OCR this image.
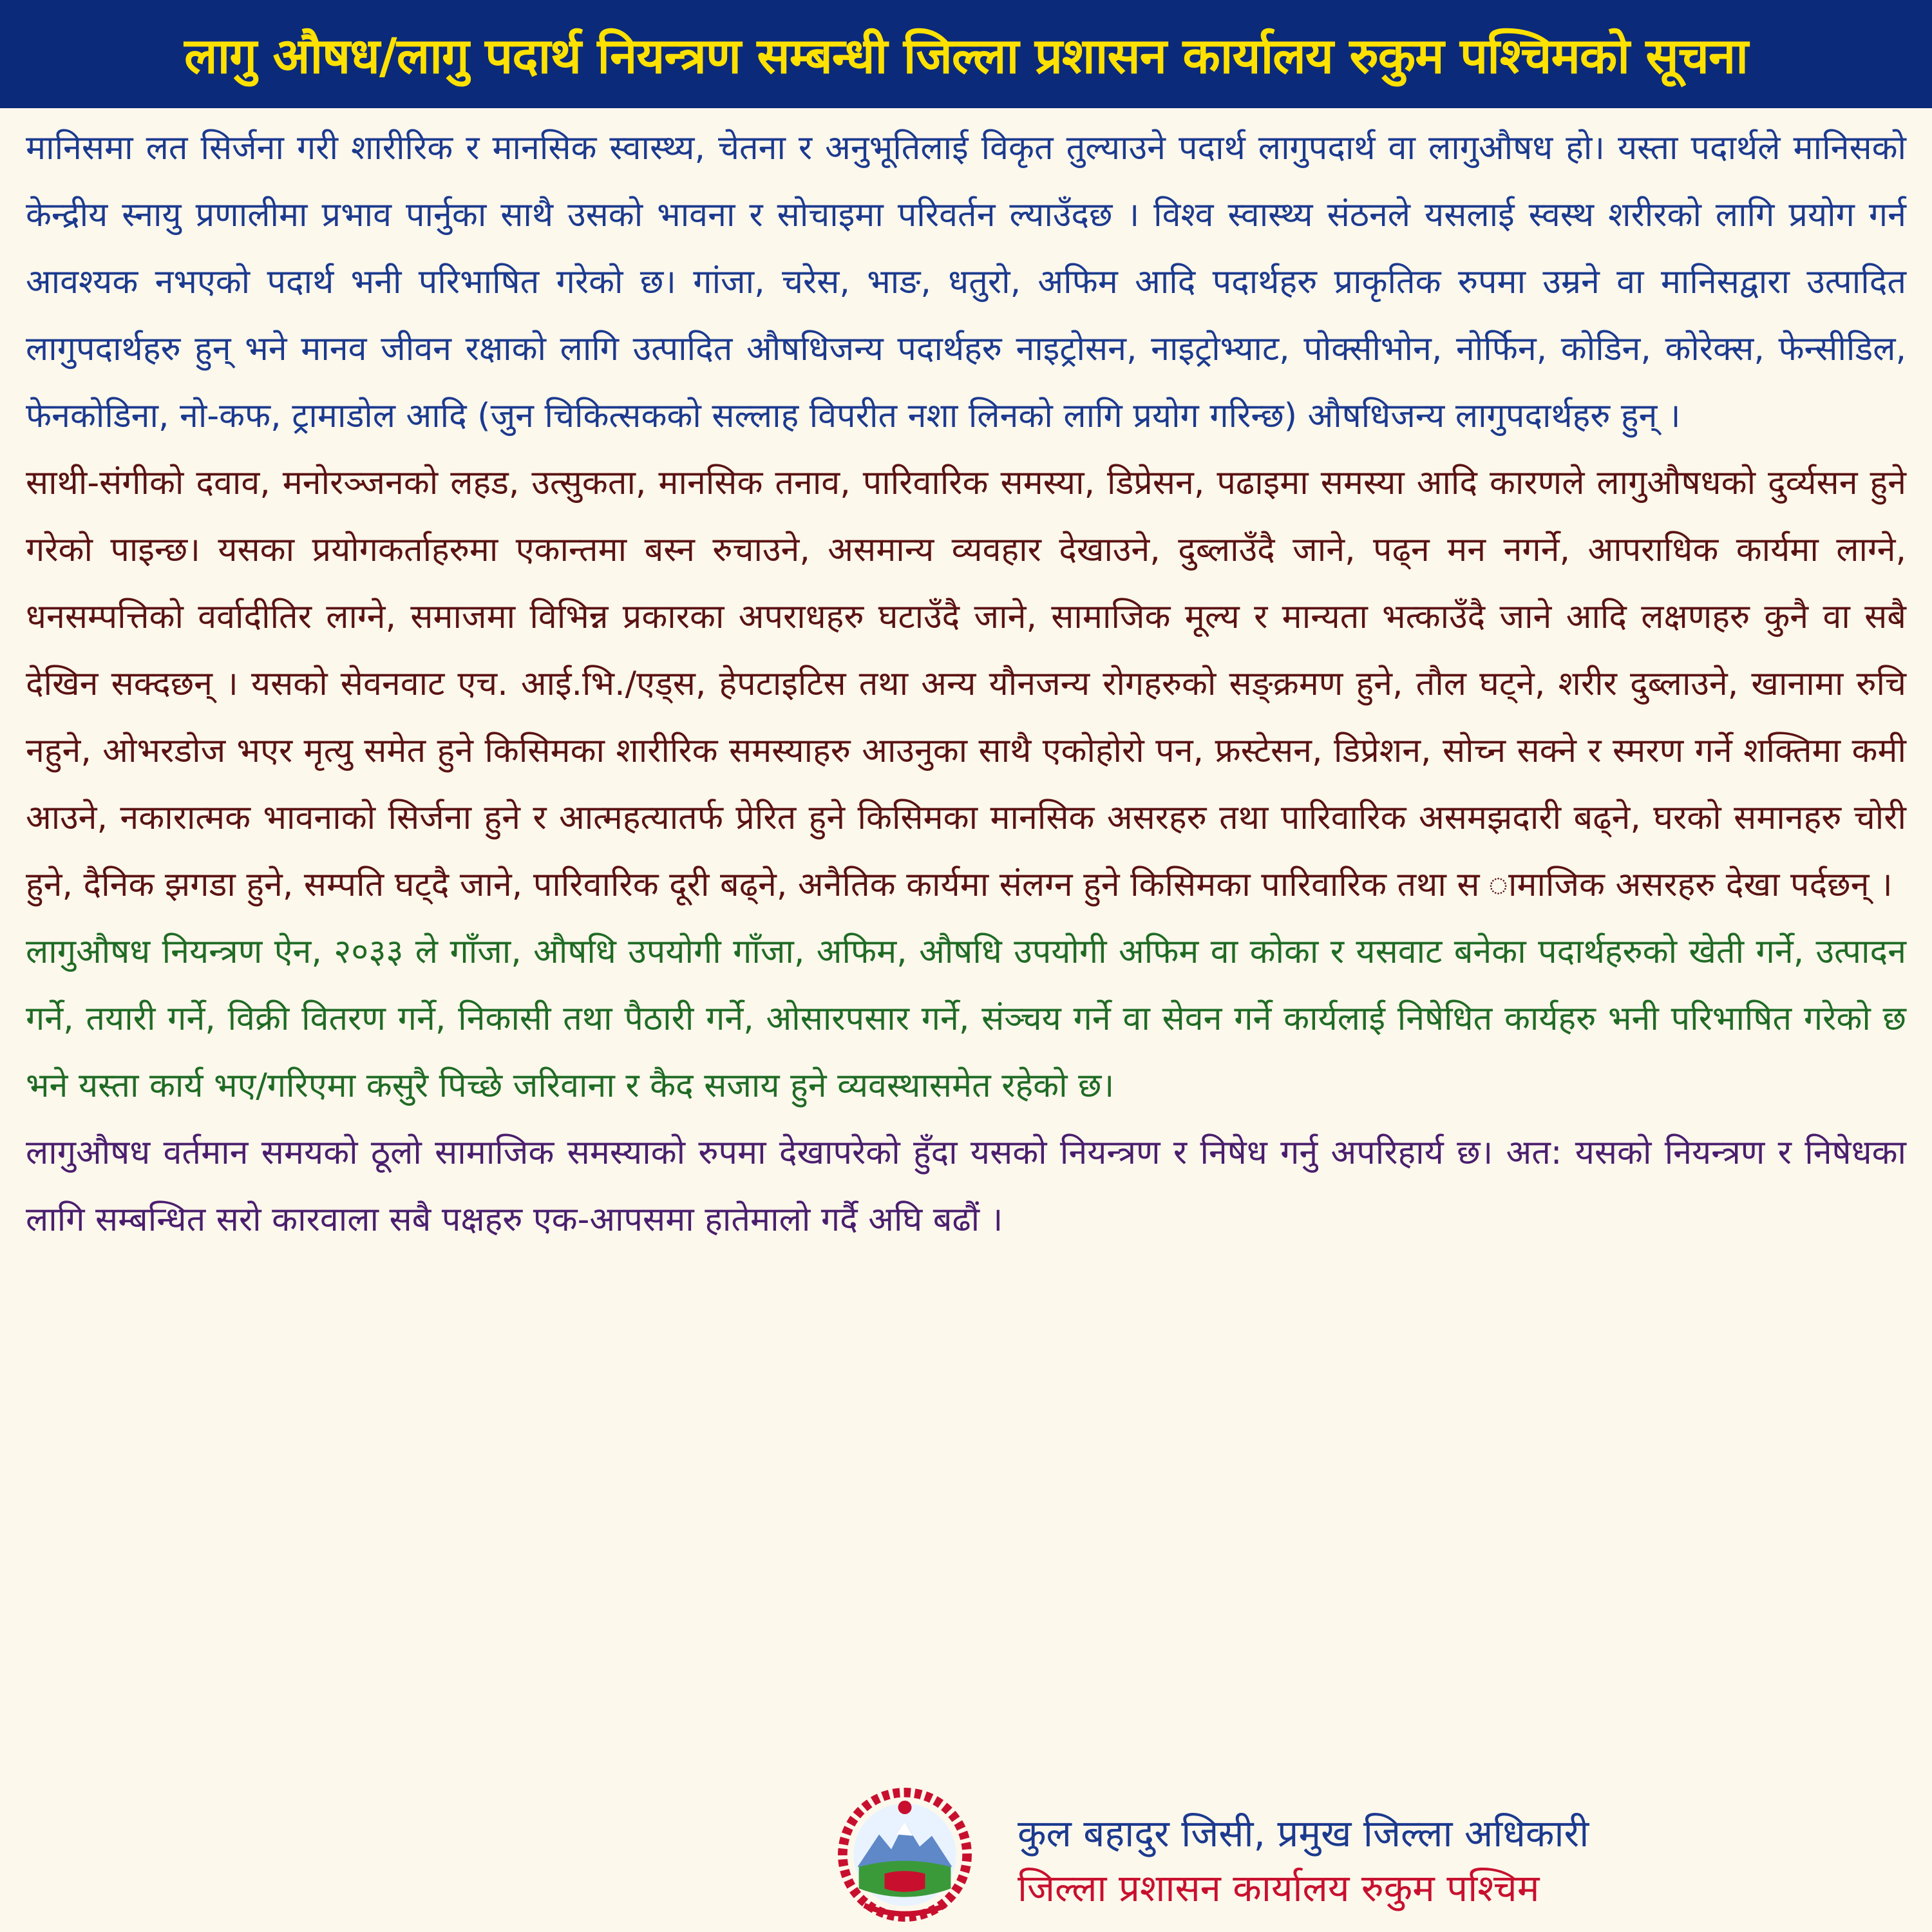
लागु औषध/लागु पदार्थ नियन्त्रण सम्बन्धी जिल्ला प्रशासन कार्यालय रुकुम पश्चिमको सूचना

मानिसमा लत सिर्जना गरी शारीरिक र मानसिक स्वास्थ्य, चेतना र अनुभूतिलाई विकृत तुल्याउने पदार्थ लागुपदार्थ वा लागुऔषध हो। यस्ता पदार्थले मानिसको केन्द्रीय स्नायु प्रणालीमा प्रभाव पार्नुका साथै उसको भावना र सोचाइमा परिवर्तन ल्याउँदछ । विश्व स्वास्थ्य संठनले यसलाई स्वस्थ शरीरको लागि प्रयोग गर्न आवश्यक नभएको पदार्थ भनी परिभाषित गरेको छ। गांजा, चरेस, भाङ, धतुरो, अफिम आदि पदार्थहरु प्राकृतिक रुपमा उम्रने वा मानिसद्वारा उत्पादित लागुपदार्थहरु हुन् भने मानव जीवन रक्षाको लागि उत्पादित औषधिजन्य पदार्थहरु नाइट्रोसन, नाइट्रोभ्याट, पोक्सीभोन, नोर्फिन, कोडिन, कोरेक्स, फेन्सीडिल, फेनकोडिना, नो-कफ, ट्रामाडोल आदि (जुन चिकित्सकको सल्लाह विपरीत नशा लिनको लागि प्रयोग गरिन्छ) औषधिजन्य लागुपदार्थहरु हुन् ।

साथी-संगीको दवाव, मनोरञ्जनको लहड, उत्सुकता, मानसिक तनाव, पारिवारिक समस्या, डिप्रेसन, पढाइमा समस्या आदि कारणले लागुऔषधको दुर्व्यसन हुने गरेको पाइन्छ। यसका प्रयोगकर्ताहरुमा एकान्तमा बस्न रुचाउने, असमान्य व्यवहार देखाउने, दुब्लाउँदै जाने, पढ्न मन नगर्ने, आपराधिक कार्यमा लाग्ने, धनसम्पत्तिको वर्वादीतिर लाग्ने, समाजमा विभिन्न प्रकारका अपराधहरु घटाउँदै जाने, सामाजिक मूल्य र मान्यता भत्काउँदै जाने आदि लक्षणहरु कुनै वा सबै देखिन सक्दछन् । यसको सेवनवाट एच. आई.भि./एड्स, हेपटाइटिस तथा अन्य यौनजन्य रोगहरुको सङ्क्रमण हुने, तौल घट्ने, शरीर दुब्लाउने, खानामा रुचि नहुने, ओभरडोज भएर मृत्यु समेत हुने किसिमका शारीरिक समस्याहरु आउनुका साथै एकोहोरो पन, फ्रस्टेसन, डिप्रेशन, सोच्न सक्ने र स्मरण गर्ने शक्तिमा कमी आउने, नकारात्मक भावनाको सिर्जना हुने र आत्महत्यातर्फ प्रेरित हुने किसिमका मानसिक असरहरु तथा पारिवारिक असमझदारी बढ्ने, घरको समानहरु चोरी हुने, दैनिक झगडा हुने, सम्पति घट्दै जाने, पारिवारिक दूरी बढ्ने, अनैतिक कार्यमा संलग्न हुने किसिमका पारिवारिक तथा स ामाजिक असरहरु देखा पर्दछन् ।

लागुऔषध नियन्त्रण ऐन, २०३३ ले गाँजा, औषधि उपयोगी गाँजा, अफिम, औषधि उपयोगी अफिम वा कोका र यसवाट बनेका पदार्थहरुको खेती गर्ने, उत्पादन गर्ने, तयारी गर्ने, विक्री वितरण गर्ने, निकासी तथा पैठारी गर्ने, ओसारपसार गर्ने, संञ्चय गर्ने वा सेवन गर्ने कार्यलाई निषेधित कार्यहरु भनी परिभाषित गरेको छ भने यस्ता कार्य भए/गरिएमा कसुरै पिच्छे जरिवाना र कैद सजाय हुने व्यवस्थासमेत रहेको छ।

लागुऔषध वर्तमान समयको ठूलो सामाजिक समस्याको रुपमा देखापरेको हुँदा यसको नियन्त्रण र निषेध गर्नु अपरिहार्य छ। अत: यसको नियन्त्रण र निषेधका लागि सम्बन्धित सरो कारवाला सबै पक्षहरु एक-आपसमा हातेमालो गर्दै अघि बढौं ।

कुल बहादुर जिसी, प्रमुख जिल्ला अधिकारी
जिल्ला प्रशासन कार्यालय रुकुम पश्चिम
